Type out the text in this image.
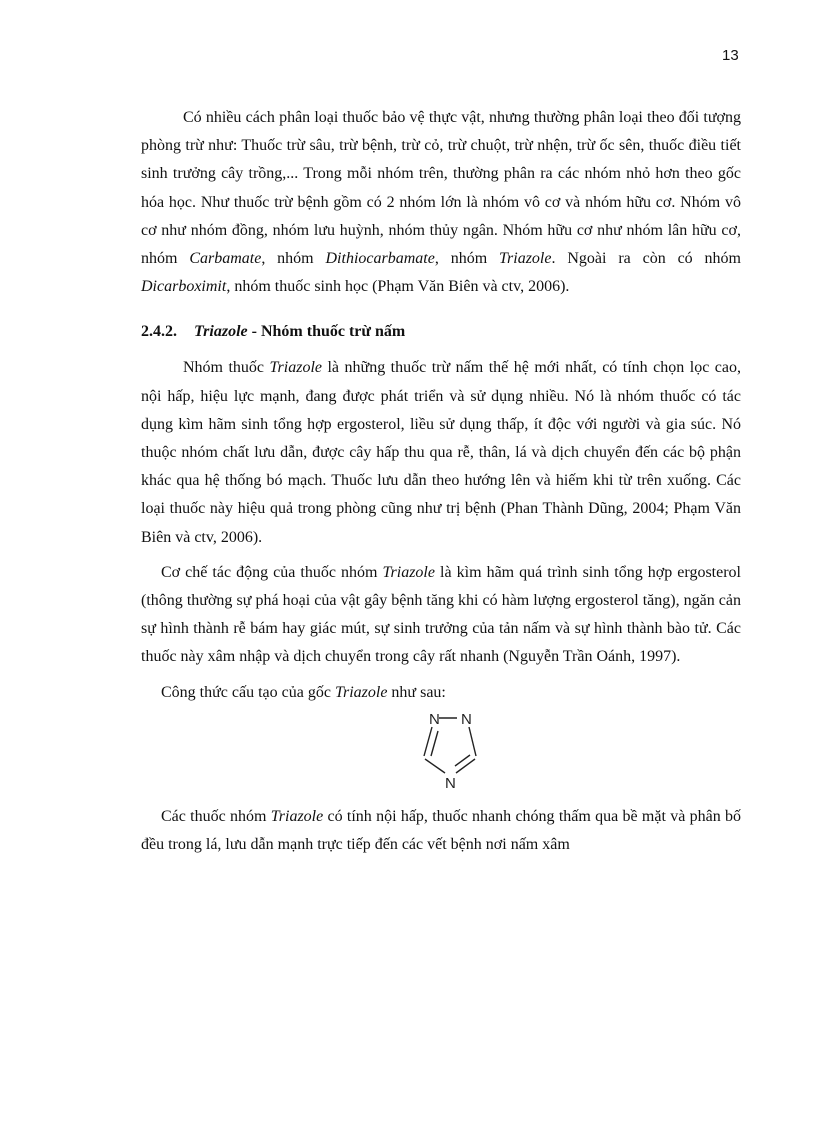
13

Có nhiều cách phân loại thuốc bảo vệ thực vật, nhưng thường phân loại theo đối tượng phòng trừ như: Thuốc trừ sâu, trừ bệnh, trừ cỏ, trừ chuột, trừ nhện, trừ ốc sên, thuốc điều tiết sinh trưởng cây trồng,... Trong mỗi nhóm trên, thường phân ra các nhóm nhỏ hơn theo gốc hóa học. Như thuốc trừ bệnh gồm có 2 nhóm lớn là nhóm vô cơ và nhóm hữu cơ. Nhóm vô cơ như nhóm đồng, nhóm lưu huỳnh, nhóm thủy ngân. Nhóm hữu cơ như nhóm lân hữu cơ, nhóm Carbamate, nhóm Dithiocarbamate, nhóm Triazole. Ngoài ra còn có nhóm Dicarboximit, nhóm thuốc sinh học (Phạm Văn Biên và ctv, 2006).

2.4.2. Triazole - Nhóm thuốc trừ nấm

Nhóm thuốc Triazole là những thuốc trừ nấm thế hệ mới nhất, có tính chọn lọc cao, nội hấp, hiệu lực mạnh, đang được phát triển và sử dụng nhiều. Nó là nhóm thuốc có tác dụng kìm hãm sinh tổng hợp ergosterol, liều sử dụng thấp, ít độc với người và gia súc. Nó thuộc nhóm chất lưu dẫn, được cây hấp thu qua rễ, thân, lá và dịch chuyển đến các bộ phận khác qua hệ thống bó mạch. Thuốc lưu dẫn theo hướng lên và hiếm khi từ trên xuống. Các loại thuốc này hiệu quả trong phòng cũng như trị bệnh (Phan Thành Dũng, 2004; Phạm Văn Biên và ctv, 2006).

Cơ chế tác động của thuốc nhóm Triazole là kìm hãm quá trình sinh tổng hợp ergosterol (thông thường sự phá hoại của vật gây bệnh tăng khi có hàm lượng ergosterol tăng), ngăn cản sự hình thành rễ bám hay giác mút, sự sinh trưởng của tản nấm và sự hình thành bào tử. Các thuốc này xâm nhập và dịch chuyển trong cây rất nhanh (Nguyễn Trần Oánh, 1997).

Công thức cấu tạo của gốc Triazole như sau:

N N
N

Các thuốc nhóm Triazole có tính nội hấp, thuốc nhanh chóng thấm qua bề mặt và phân bố đều trong lá, lưu dẫn mạnh trực tiếp đến các vết bệnh nơi nấm xâm
